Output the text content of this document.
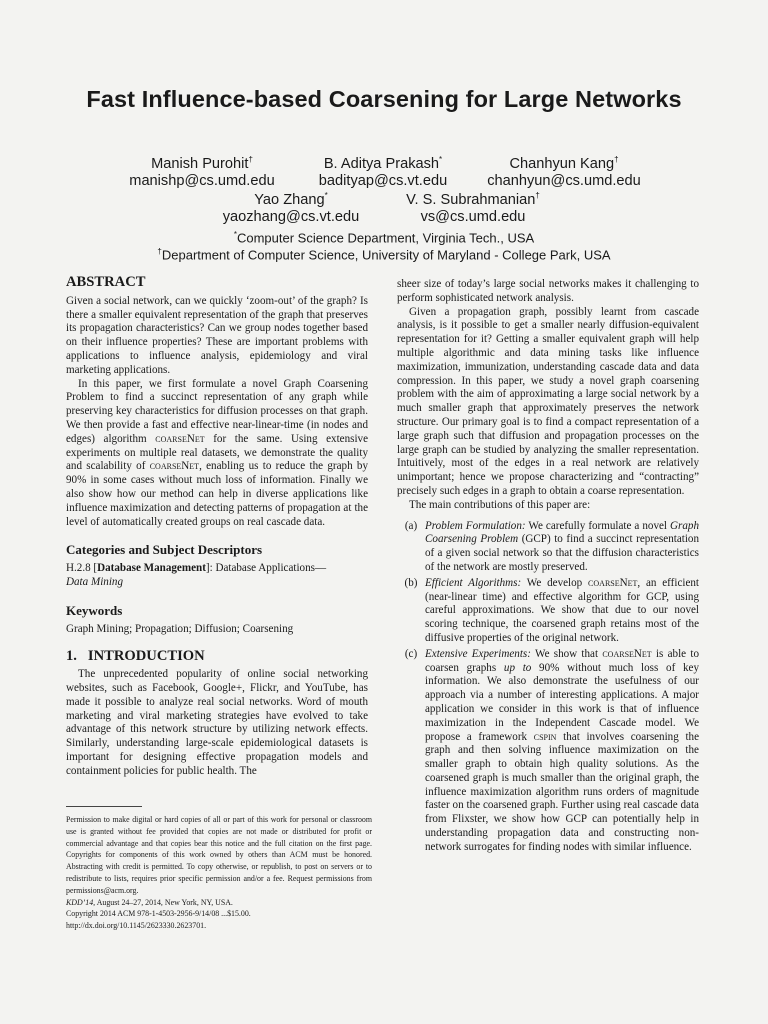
Fast Influence-based Coarsening for Large Networks
Manish Purohit†
manishp@cs.umd.edu
B. Aditya Prakash*
badityap@cs.vt.edu
Chanhyun Kang†
chanhyun@cs.umd.edu
Yao Zhang*
yaozhang@cs.vt.edu
V. S. Subrahmanian†
vs@cs.umd.edu
*Computer Science Department, Virginia Tech., USA
†Department of Computer Science, University of Maryland - College Park, USA
ABSTRACT

Given a social network, can we quickly ‘zoom-out’ of the graph? Is there a smaller equivalent representation of the graph that preserves its propagation characteristics? Can we group nodes together based on their influence properties? These are important problems with applications to influence analysis, epidemiology and viral marketing applications.

In this paper, we first formulate a novel Graph Coarsening Problem to find a succinct representation of any graph while preserving key characteristics for diffusion processes on that graph. We then provide a fast and effective near-linear-time (in nodes and edges) algorithm coarseNet for the same. Using extensive experiments on multiple real datasets, we demonstrate the quality and scalability of coarseNet, enabling us to reduce the graph by 90% in some cases without much loss of information. Finally we also show how our method can help in diverse applications like influence maximization and detecting patterns of propagation at the level of automatically created groups on real cascade data.

Categories and Subject Descriptors

H.2.8 [Database Management]: Database Applications—
Data Mining

Keywords

Graph Mining; Propagation; Diffusion; Coarsening

1. INTRODUCTION

The unprecedented popularity of online social networking websites, such as Facebook, Google+, Flickr, and YouTube, has made it possible to analyze real social networks. Word of mouth marketing and viral marketing strategies have evolved to take advantage of this network structure by utilizing network effects. Similarly, understanding large-scale epidemiological datasets is important for designing effective propagation models and containment policies for public health. The

Permission to make digital or hard copies of all or part of this work for personal or classroom use is granted without fee provided that copies are not made or distributed for profit or commercial advantage and that copies bear this notice and the full citation on the first page. Copyrights for components of this work owned by others than ACM must be honored. Abstracting with credit is permitted. To copy otherwise, or republish, to post on servers or to redistribute to lists, requires prior specific permission and/or a fee. Request permissions from permissions@acm.org.
KDD’14, August 24–27, 2014, New York, NY, USA.
Copyright 2014 ACM 978-1-4503-2956-9/14/08 ...$15.00.
http://dx.doi.org/10.1145/2623330.2623701.

sheer size of today’s large social networks makes it challenging to perform sophisticated network analysis.

Given a propagation graph, possibly learnt from cascade analysis, is it possible to get a smaller nearly diffusion-equivalent representation for it? Getting a smaller equivalent graph will help multiple algorithmic and data mining tasks like influence maximization, immunization, understanding cascade data and data compression. In this paper, we study a novel graph coarsening problem with the aim of approximating a large social network by a much smaller graph that approximately preserves the network structure. Our primary goal is to find a compact representation of a large graph such that diffusion and propagation processes on the large graph can be studied by analyzing the smaller representation. Intuitively, most of the edges in a real network are relatively unimportant; hence we propose characterizing and “contracting” precisely such edges in a graph to obtain a coarse representation.

The main contributions of this paper are:

(a) Problem Formulation: We carefully formulate a novel Graph Coarsening Problem (GCP) to find a succinct representation of a given social network so that the diffusion characteristics of the network are mostly preserved.
(b) Efficient Algorithms: We develop coarseNet, an efficient (near-linear time) and effective algorithm for GCP, using careful approximations. We show that due to our novel scoring technique, the coarsened graph retains most of the diffusive properties of the original network.
(c) Extensive Experiments: We show that coarseNet is able to coarsen graphs up to 90% without much loss of key information. We also demonstrate the usefulness of our approach via a number of interesting applications. A major application we consider in this work is that of influence maximization in the Independent Cascade model. We propose a framework cspin that involves coarsening the graph and then solving influence maximization on the smaller graph to obtain high quality solutions. As the coarsened graph is much smaller than the original graph, the influence maximization algorithm runs orders of magnitude faster on the coarsened graph. Further using real cascade data from Flixster, we show how GCP can potentially help in understanding propagation data and constructing non-network surrogates for finding nodes with similar influence.
